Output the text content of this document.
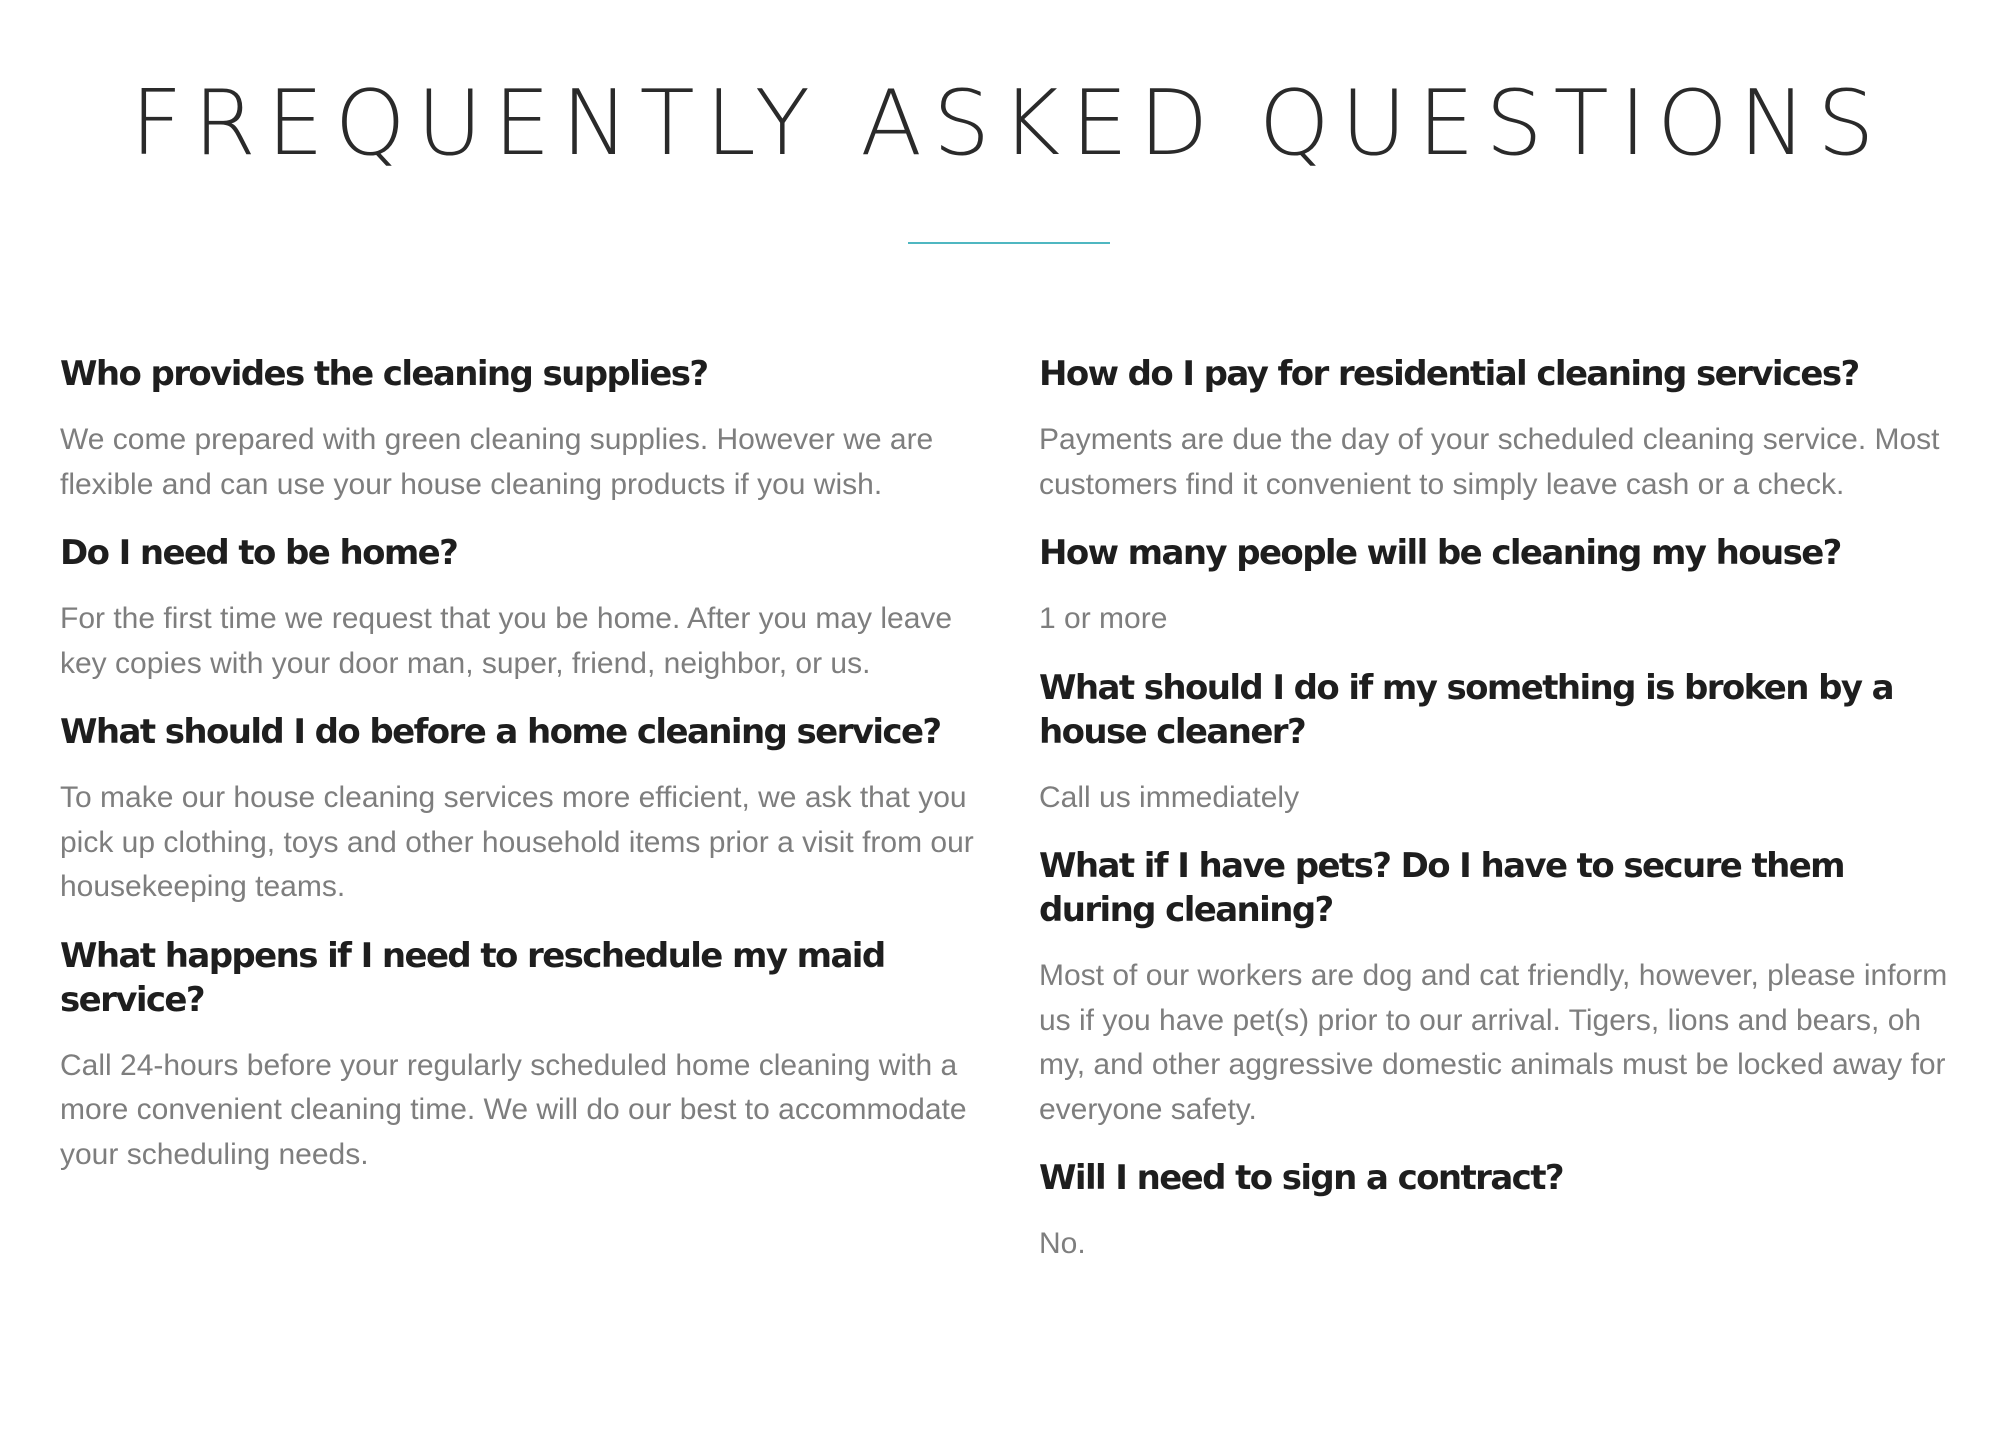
FREQUENTLY ASKED QUESTIONS
Who provides the cleaning supplies?

We come prepared with green cleaning supplies. However we are flexible and can use your house cleaning products if you wish.

Do I need to be home?

For the first time we request that you be home. After you may leave key copies with your door man, super, friend, neighbor, or us.

What should I do before a home cleaning service?

To make our house cleaning services more efficient, we ask that you pick up clothing, toys and other household items prior a visit from our housekeeping teams.

What happens if I need to reschedule my maid service?

Call 24-hours before your regularly scheduled home cleaning with a more convenient cleaning time. We will do our best to accommodate your scheduling needs.

How do I pay for residential cleaning services?

Payments are due the day of your scheduled cleaning service. Most customers find it convenient to simply leave cash or a check.

How many people will be cleaning my house?

1 or more

What should I do if my something is broken by a house cleaner?

Call us immediately

What if I have pets? Do I have to secure them during cleaning?

Most of our workers are dog and cat friendly, however, please inform us if you have pet(s) prior to our arrival. Tigers, lions and bears, oh my, and other aggressive domestic animals must be locked away for everyone safety.

Will I need to sign a contract?

No.
